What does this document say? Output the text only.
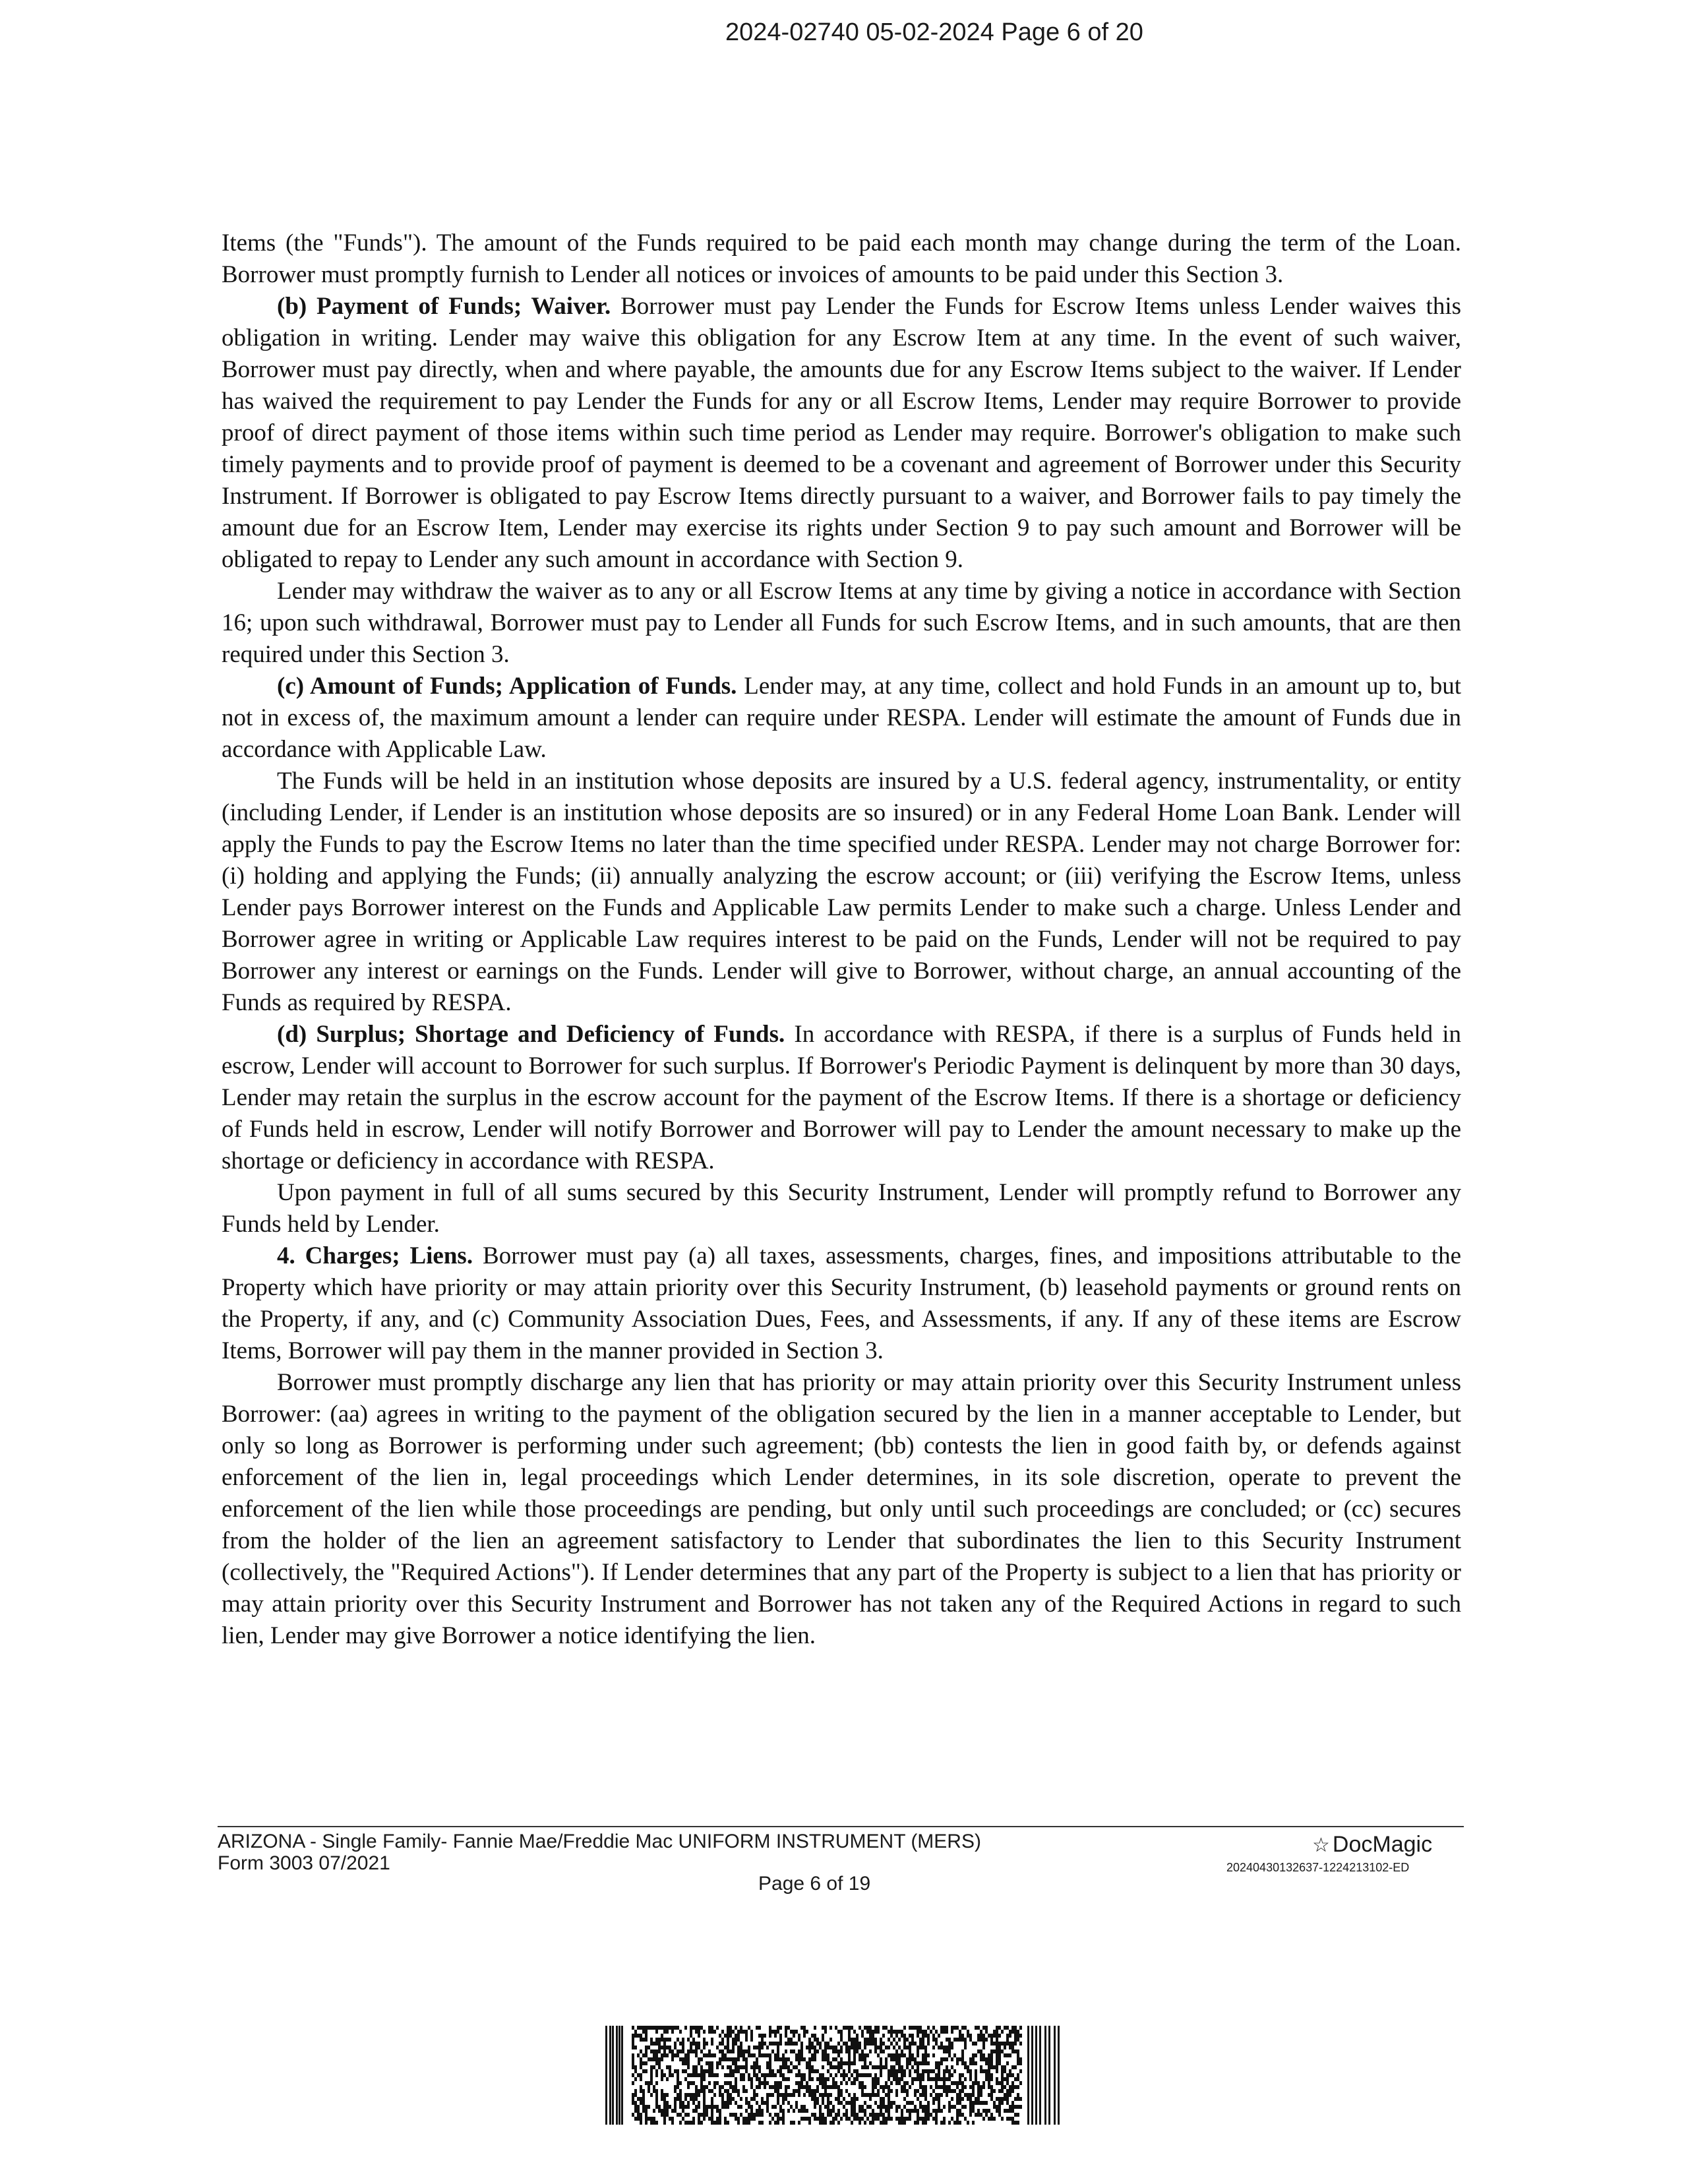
2024-02740 05-02-2024 Page 6 of 20

Items (the "Funds"). The amount of the Funds required to be paid each month may change during the term of the Loan. Borrower must promptly furnish to Lender all notices or invoices of amounts to be paid under this Section 3.

(b) Payment of Funds; Waiver. Borrower must pay Lender the Funds for Escrow Items unless Lender waives this obligation in writing. Lender may waive this obligation for any Escrow Item at any time. In the event of such waiver, Borrower must pay directly, when and where payable, the amounts due for any Escrow Items subject to the waiver. If Lender has waived the requirement to pay Lender the Funds for any or all Escrow Items, Lender may require Borrower to provide proof of direct payment of those items within such time period as Lender may require. Borrower's obligation to make such timely payments and to provide proof of payment is deemed to be a covenant and agreement of Borrower under this Security Instrument. If Borrower is obligated to pay Escrow Items directly pursuant to a waiver, and Borrower fails to pay timely the amount due for an Escrow Item, Lender may exercise its rights under Section 9 to pay such amount and Borrower will be obligated to repay to Lender any such amount in accordance with Section 9.

Lender may withdraw the waiver as to any or all Escrow Items at any time by giving a notice in accordance with Section 16; upon such withdrawal, Borrower must pay to Lender all Funds for such Escrow Items, and in such amounts, that are then required under this Section 3.

(c) Amount of Funds; Application of Funds. Lender may, at any time, collect and hold Funds in an amount up to, but not in excess of, the maximum amount a lender can require under RESPA. Lender will estimate the amount of Funds due in accordance with Applicable Law.

The Funds will be held in an institution whose deposits are insured by a U.S. federal agency, instrumentality, or entity (including Lender, if Lender is an institution whose deposits are so insured) or in any Federal Home Loan Bank. Lender will apply the Funds to pay the Escrow Items no later than the time specified under RESPA. Lender may not charge Borrower for: (i) holding and applying the Funds; (ii) annually analyzing the escrow account; or (iii) verifying the Escrow Items, unless Lender pays Borrower interest on the Funds and Applicable Law permits Lender to make such a charge. Unless Lender and Borrower agree in writing or Applicable Law requires interest to be paid on the Funds, Lender will not be required to pay Borrower any interest or earnings on the Funds. Lender will give to Borrower, without charge, an annual accounting of the Funds as required by RESPA.

(d) Surplus; Shortage and Deficiency of Funds. In accordance with RESPA, if there is a surplus of Funds held in escrow, Lender will account to Borrower for such surplus. If Borrower's Periodic Payment is delinquent by more than 30 days, Lender may retain the surplus in the escrow account for the payment of the Escrow Items. If there is a shortage or deficiency of Funds held in escrow, Lender will notify Borrower and Borrower will pay to Lender the amount necessary to make up the shortage or deficiency in accordance with RESPA.

Upon payment in full of all sums secured by this Security Instrument, Lender will promptly refund to Borrower any Funds held by Lender.

4. Charges; Liens. Borrower must pay (a) all taxes, assessments, charges, fines, and impositions attributable to the Property which have priority or may attain priority over this Security Instrument, (b) leasehold payments or ground rents on the Property, if any, and (c) Community Association Dues, Fees, and Assessments, if any. If any of these items are Escrow Items, Borrower will pay them in the manner provided in Section 3.

Borrower must promptly discharge any lien that has priority or may attain priority over this Security Instrument unless Borrower: (aa) agrees in writing to the payment of the obligation secured by the lien in a manner acceptable to Lender, but only so long as Borrower is performing under such agreement; (bb) contests the lien in good faith by, or defends against enforcement of the lien in, legal proceedings which Lender determines, in its sole discretion, operate to prevent the enforcement of the lien while those proceedings are pending, but only until such proceedings are concluded; or (cc) secures from the holder of the lien an agreement satisfactory to Lender that subordinates the lien to this Security Instrument (collectively, the "Required Actions"). If Lender determines that any part of the Property is subject to a lien that has priority or may attain priority over this Security Instrument and Borrower has not taken any of the Required Actions in regard to such lien, Lender may give Borrower a notice identifying the lien.

ARIZONA - Single Family- Fannie Mae/Freddie Mac UNIFORM INSTRUMENT (MERS)
Form 3003 07/2021
Page 6 of 19
☆ DocMagic
20240430132637-1224213102-ED
